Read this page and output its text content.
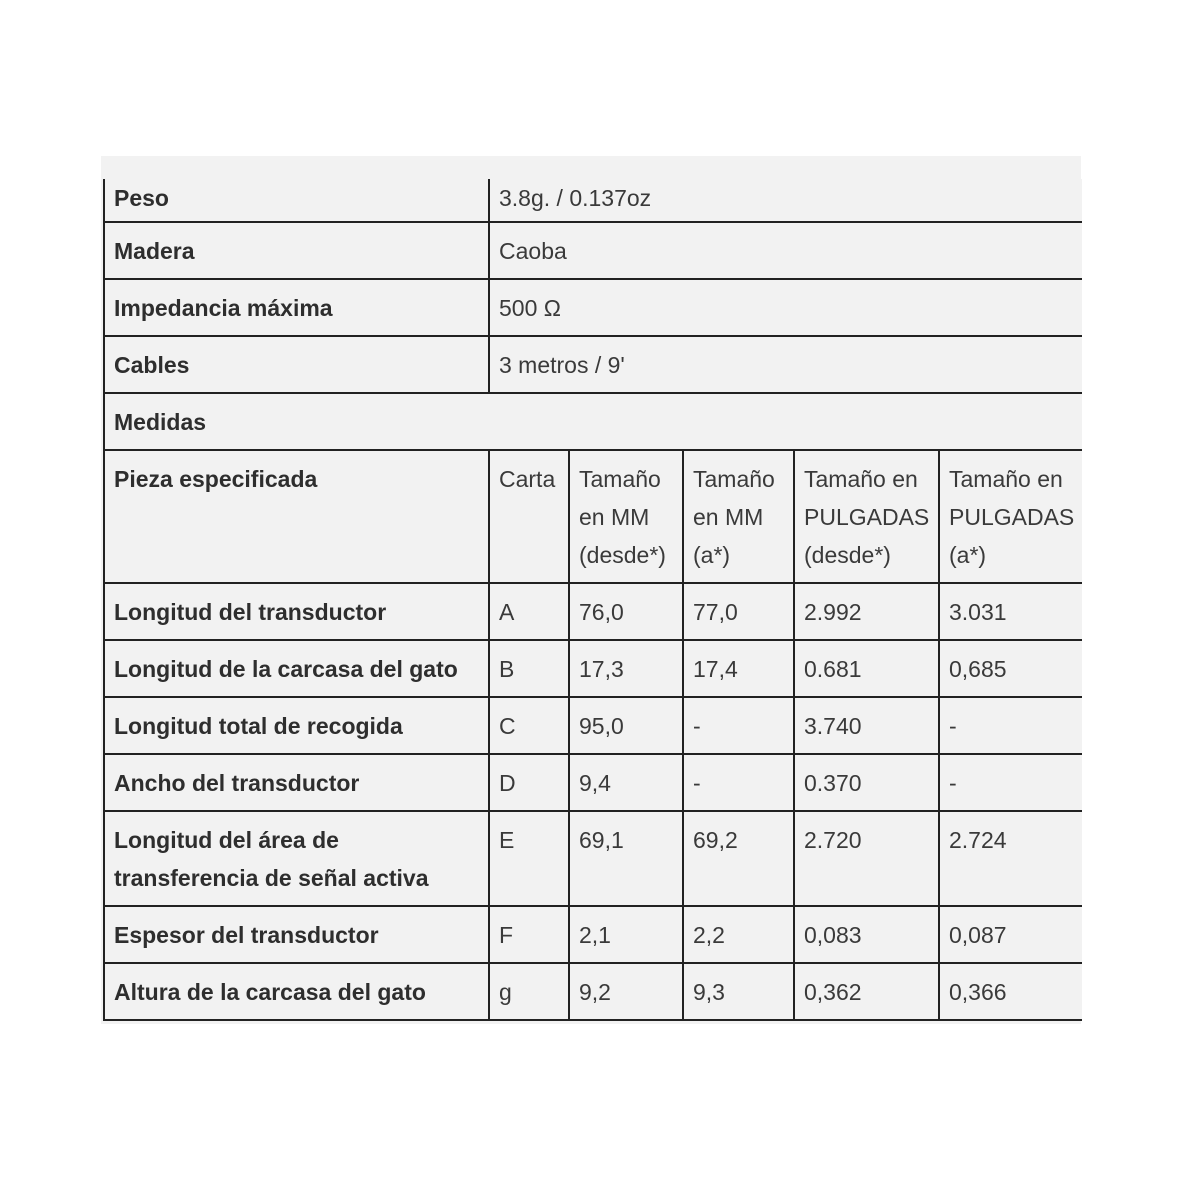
Peso	3.8g. / 0.137oz				
Madera	Caoba				
Impedancia máxima	500 Ω				
Cables	3 metros / 9'				
Medidas					
Pieza especificada	Carta	Tamaño en MM (desde*)	Tamaño en MM (a*)	Tamaño en PULGADAS (desde*)	Tamaño en PULGADAS (a*)
Longitud del transductor	A	76,0	77,0	2.992	3.031
Longitud de la carcasa del gato	B	17,3	17,4	0.681	0,685
Longitud total de recogida	C	95,0	-	3.740	-
Ancho del transductor	D	9,4	-	0.370	-
Longitud del área de transferencia de señal activa	E	69,1	69,2	2.720	2.724
Espesor del transductor	F	2,1	2,2	0,083	0,087
Altura de la carcasa del gato	g	9,2	9,3	0,362	0,366
